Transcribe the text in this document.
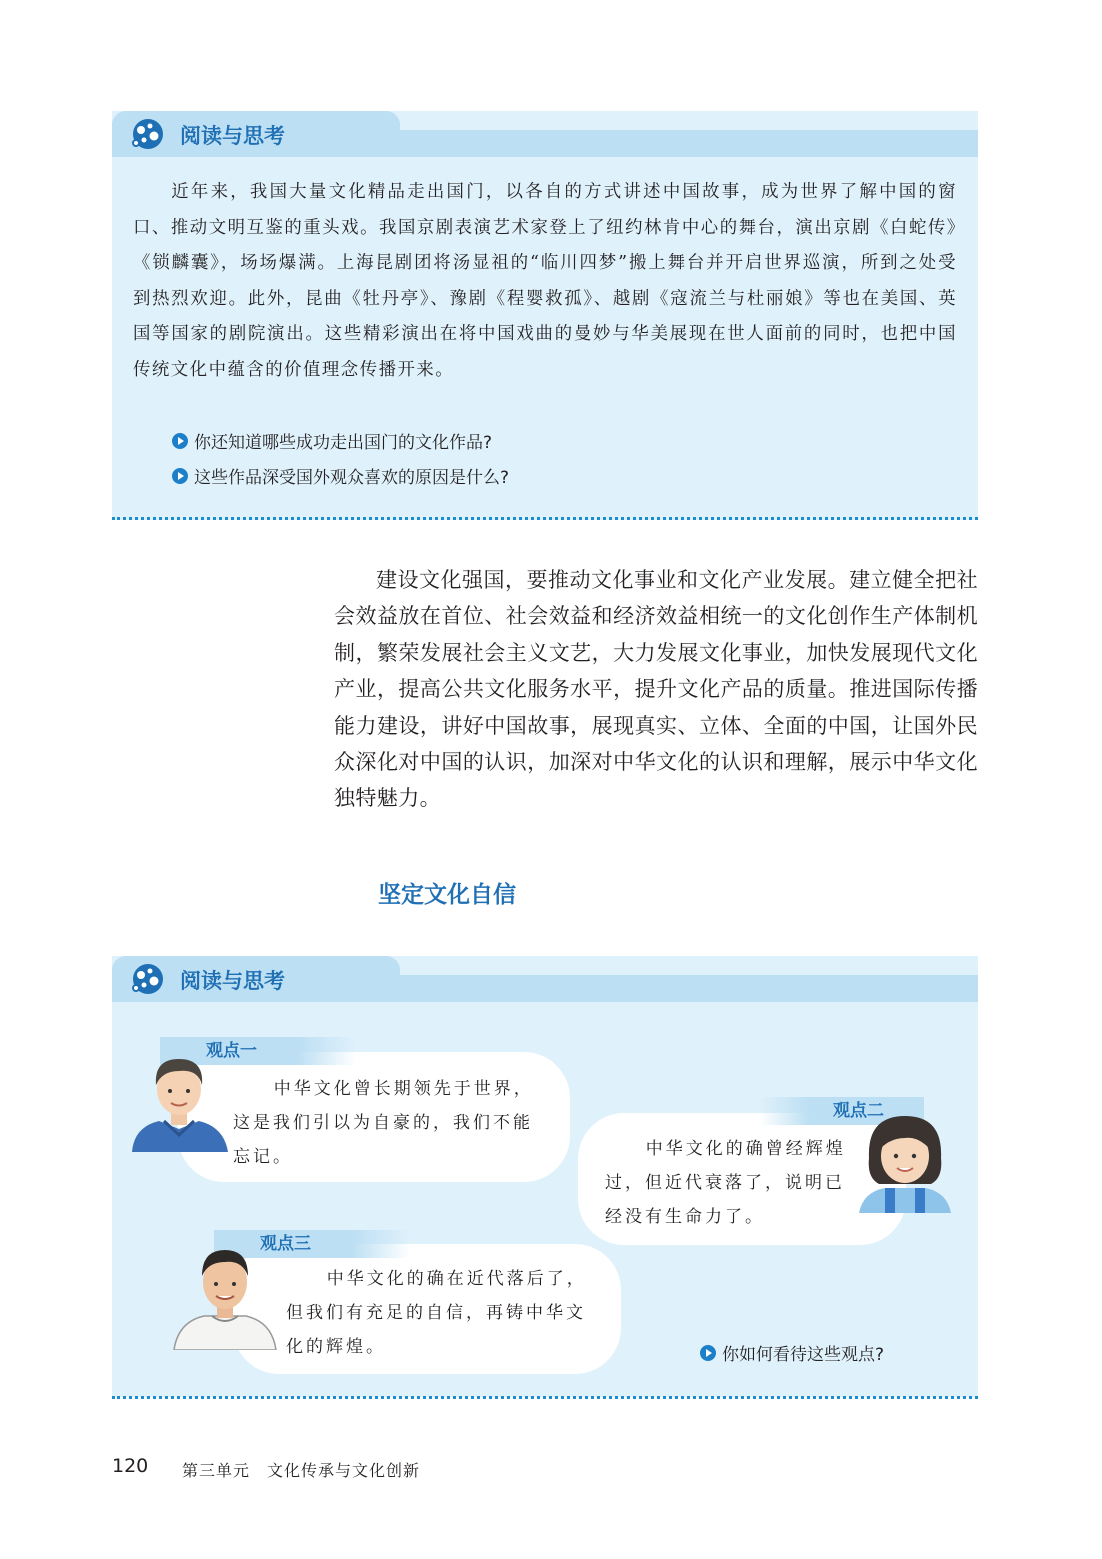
阅读与思考

近年来，我国大量文化精品走出国门，以各自的方式讲述中国故事，成为世界了解中国的窗口、推动文明互鉴的重头戏。我国京剧表演艺术家登上了纽约林肯中心的舞台，演出京剧《白蛇传》《锁麟囊》，场场爆满。上海昆剧团将汤显祖的“临川四梦”搬上舞台并开启世界巡演，所到之处受到热烈欢迎。此外，昆曲《牡丹亭》、豫剧《程婴救孤》、越剧《寇流兰与杜丽娘》等也在美国、英国等国家的剧院演出。这些精彩演出在将中国戏曲的曼妙与华美展现在世人面前的同时，也把中国传统文化中蕴含的价值理念传播开来。

你还知道哪些成功走出国门的文化作品?
这些作品深受国外观众喜欢的原因是什么?

建设文化强国，要推动文化事业和文化产业发展。建立健全把社会效益放在首位、社会效益和经济效益相统一的文化创作生产体制机制，繁荣发展社会主义文艺，大力发展文化事业，加快发展现代文化产业，提高公共文化服务水平，提升文化产品的质量。推进国际传播能力建设，讲好中国故事，展现真实、立体、全面的中国，让国外民众深化对中国的认识，加深对中华文化的认识和理解，展示中华文化独特魅力。

坚定文化自信
阅读与思考
观点一

中华文化曾长期领先于世界，这是我们引以为自豪的，我们不能忘记。

观点二

中华文化的确曾经辉煌过，但近代衰落了，说明已经没有生命力了。

观点三

中华文化的确在近代落后了，但我们有充足的自信，再铸中华文化的辉煌。	你如何看待这些观点?
120 第三单元　文化传承与文化创新
